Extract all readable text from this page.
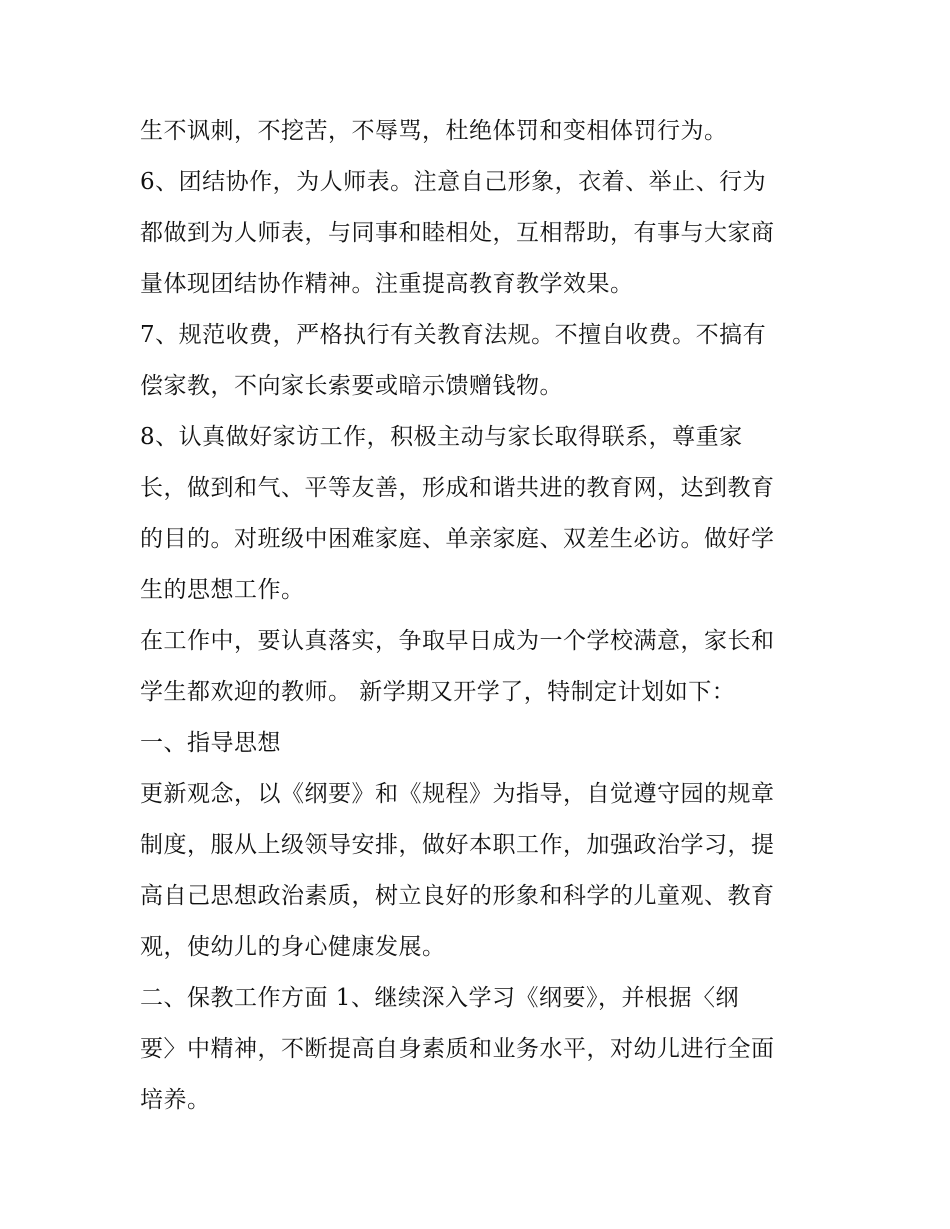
生不讽刺，不挖苦，不辱骂，杜绝体罚和变相体罚行为。
6、团结协作，为人师表。注意自己形象，衣着、举止、行为
都做到为人师表，与同事和睦相处，互相帮助，有事与大家商
量体现团结协作精神。注重提高教育教学效果。
7、规范收费，严格执行有关教育法规。不擅自收费。不搞有
偿家教，不向家长索要或暗示馈赠钱物。
8、认真做好家访工作，积极主动与家长取得联系，尊重家
长，做到和气、平等友善，形成和谐共进的教育网，达到教育
的目的。对班级中困难家庭、单亲家庭、双差生必访。做好学
生的思想工作。
在工作中，要认真落实，争取早日成为一个学校满意，家长和
学生都欢迎的教师。 新学期又开学了，特制定计划如下：
一、指导思想
更新观念，以《纲要》和《规程》为指导，自觉遵守园的规章
制度，服从上级领导安排，做好本职工作，加强政治学习，提
高自己思想政治素质，树立良好的形象和科学的儿童观、教育
观，使幼儿的身心健康发展。
二、保教工作方面 1、继续深入学习《纲要》，并根据〈纲
要〉中精神，不断提高自身素质和业务水平，对幼儿进行全面
培养。
